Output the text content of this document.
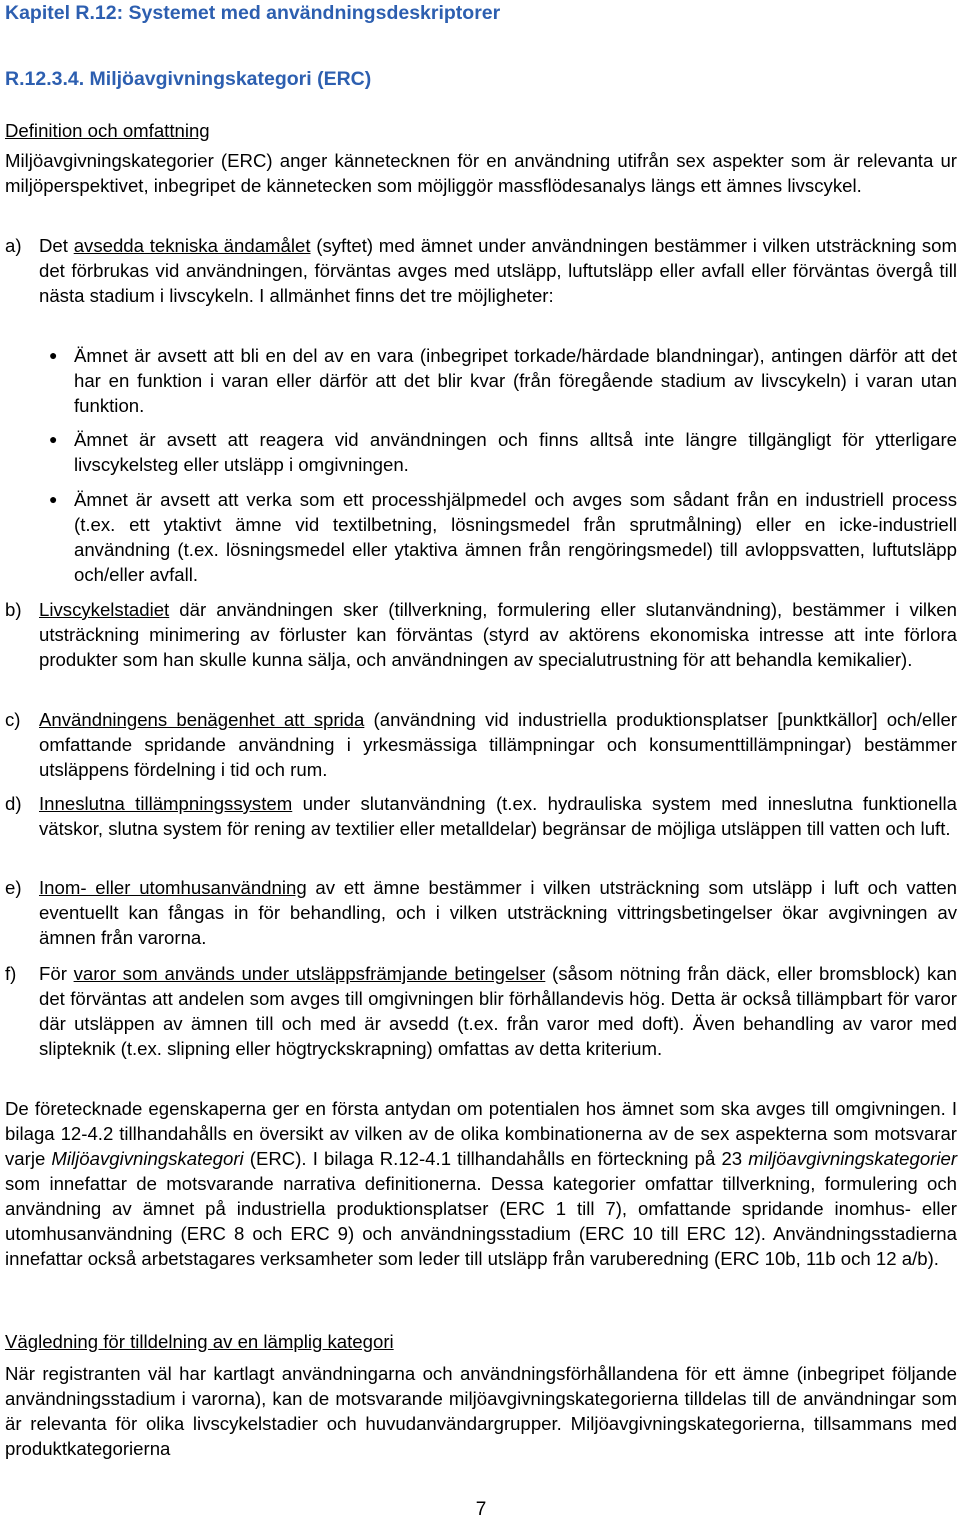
Kapitel R.12: Systemet med användningsdeskriptorer
R.12.3.4. Miljöavgivningskategori (ERC)
Definition och omfattning
Miljöavgivningskategorier (ERC) anger kännetecknen för en användning utifrån sex aspekter som är relevanta ur miljöperspektivet, inbegripet de kännetecken som möjliggör massflödesanalys längs ett ämnes livscykel.
a) Det avsedda tekniska ändamålet (syftet) med ämnet under användningen bestämmer i vilken utsträckning som det förbrukas vid användningen, förväntas avges med utsläpp, luftutsläpp eller avfall eller förväntas övergå till nästa stadium i livscykeln. I allmänhet finns det tre möjligheter:
● Ämnet är avsett att bli en del av en vara (inbegripet torkade/härdade blandningar), antingen därför att det har en funktion i varan eller därför att det blir kvar (från föregående stadium av livscykeln) i varan utan funktion.
● Ämnet är avsett att reagera vid användningen och finns alltså inte längre tillgängligt för ytterligare livscykelsteg eller utsläpp i omgivningen.
● Ämnet är avsett att verka som ett processhjälpmedel och avges som sådant från en industriell process (t.ex. ett ytaktivt ämne vid textilbetning, lösningsmedel från sprutmålning) eller en icke-industriell användning (t.ex. lösningsmedel eller ytaktiva ämnen från rengöringsmedel) till avloppsvatten, luftutsläpp och/eller avfall.
b) Livscykelstadiet där användningen sker (tillverkning, formulering eller slutanvändning), bestämmer i vilken utsträckning minimering av förluster kan förväntas (styrd av aktörens ekonomiska intresse att inte förlora produkter som han skulle kunna sälja, och användningen av specialutrustning för att behandla kemikalier).
c) Användningens benägenhet att sprida (användning vid industriella produktionsplatser [punktkällor] och/eller omfattande spridande användning i yrkesmässiga tillämpningar och konsumenttillämpningar) bestämmer utsläppens fördelning i tid och rum.
d) Inneslutna tillämpningssystem under slutanvändning (t.ex. hydrauliska system med inneslutna funktionella vätskor, slutna system för rening av textilier eller metalldelar) begränsar de möjliga utsläppen till vatten och luft.
e) Inom- eller utomhusanvändning av ett ämne bestämmer i vilken utsträckning som utsläpp i luft och vatten eventuellt kan fångas in för behandling, och i vilken utsträckning vittringsbetingelser ökar avgivningen av ämnen från varorna.
f)	För varor som används under utsläppsfrämjande betingelser (såsom nötning från däck, eller bromsblock) kan det förväntas att andelen som avges till omgivningen blir förhållandevis hög. Detta är också tillämpbart för varor där utsläppen av ämnen till och med är avsedd (t.ex. från varor med doft). Även behandling av varor med slipteknik (t.ex. slipning eller högtryckskrapning) omfattas av detta kriterium.
De företecknade egenskaperna ger en första antydan om potentialen hos ämnet som ska avges till omgivningen. I bilaga 12-4.2 tillhandahålls en översikt av vilken av de olika kombinationerna av de sex aspekterna som motsvarar varje Miljöavgivningskategori (ERC). I bilaga R.12-4.1 tillhandahålls en förteckning på 23 miljöavgivningskategorier som innefattar de motsvarande narrativa definitionerna. Dessa kategorier omfattar tillverkning, formulering och användning av ämnet på industriella produktionsplatser (ERC 1 till 7), omfattande spridande inomhus- eller utomhusanvändning (ERC 8 och ERC 9) och användningsstadium (ERC 10 till ERC 12). Användningsstadierna innefattar också arbetstagares verksamheter som leder till utsläpp från varuberedning (ERC 10b, 11b och 12 a/b).
Vägledning för tilldelning av en lämplig kategori
När registranten väl har kartlagt användningarna och användningsförhållandena för ett ämne (inbegripet följande användningsstadium i varorna), kan de motsvarande miljöavgivningskategorierna tilldelas till de användningar som är relevanta för olika livscykelstadier och huvudanvändargrupper. Miljöavgivningskategorierna, tillsammans med produktkategorierna
7
